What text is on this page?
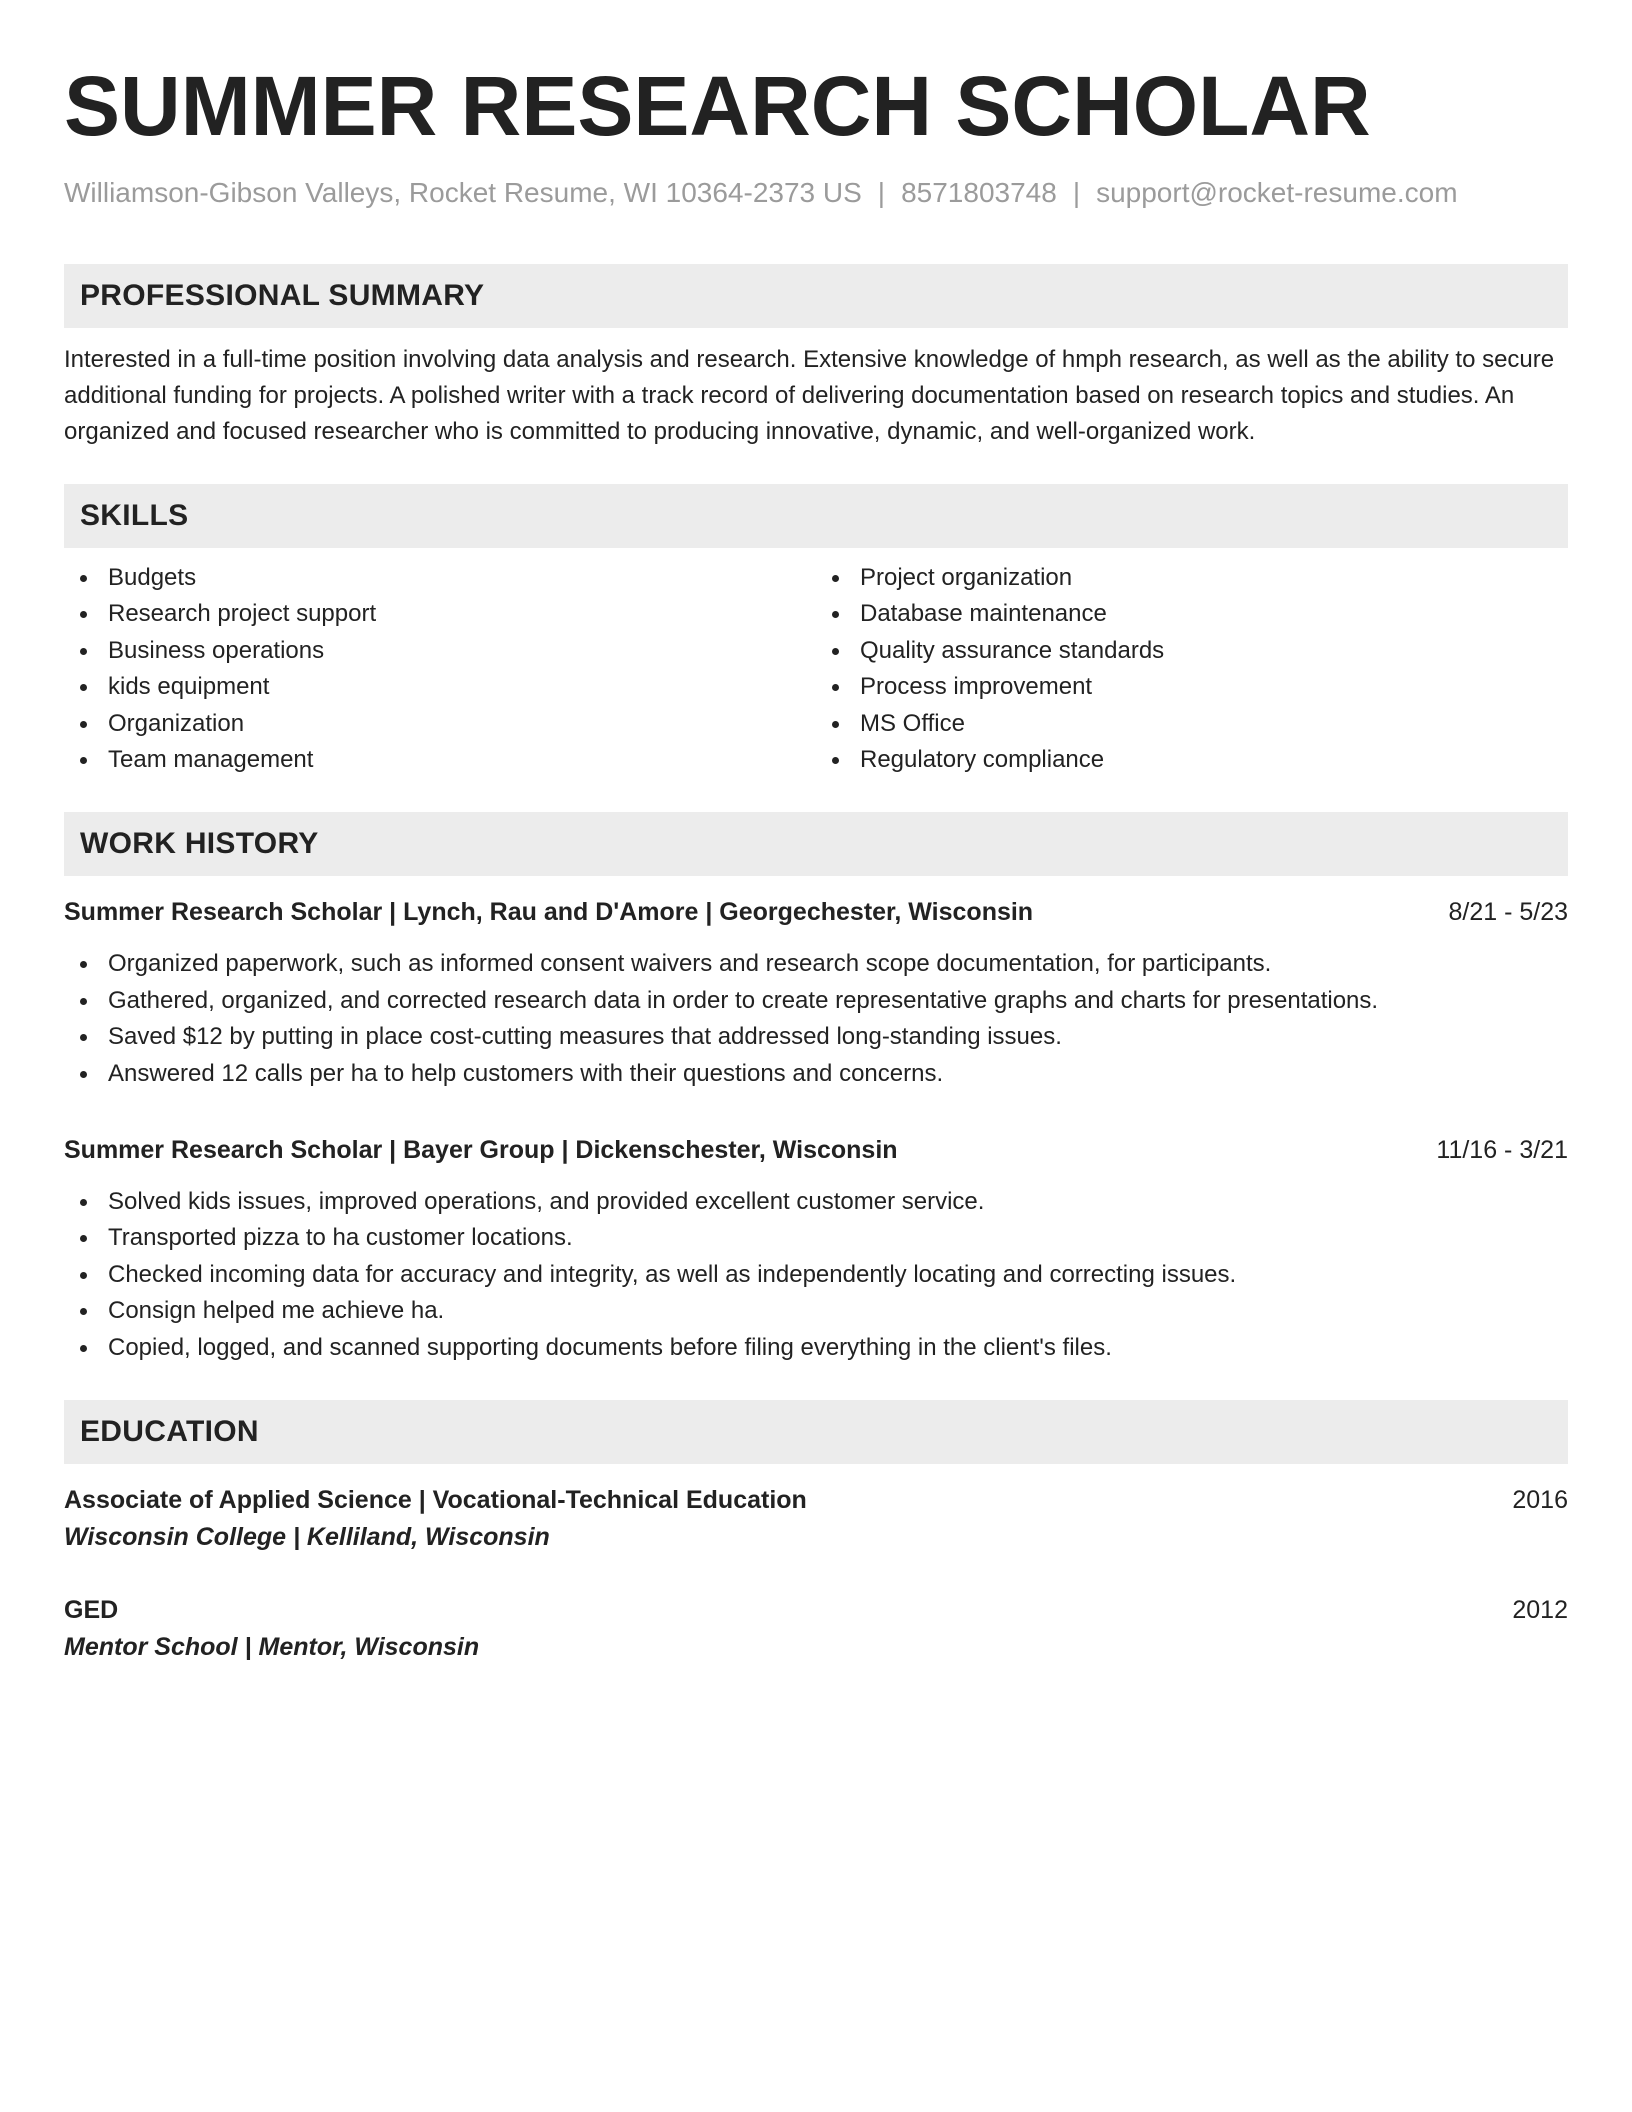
SUMMER RESEARCH SCHOLAR
Williamson-Gibson Valleys, Rocket Resume, WI 10364-2373 US | 8571803748 | support@rocket-resume.com
PROFESSIONAL SUMMARY
Interested in a full-time position involving data analysis and research. Extensive knowledge of hmph research, as well as the ability to secure additional funding for projects. A polished writer with a track record of delivering documentation based on research topics and studies. An organized and focused researcher who is committed to producing innovative, dynamic, and well-organized work.
SKILLS
Budgets
Research project support
Business operations
kids equipment
Organization
Team management
Project organization
Database maintenance
Quality assurance standards
Process improvement
MS Office
Regulatory compliance
WORK HISTORY
Summer Research Scholar | Lynch, Rau and D'Amore | Georgechester, Wisconsin	8/21 - 5/23
Organized paperwork, such as informed consent waivers and research scope documentation, for participants.
Gathered, organized, and corrected research data in order to create representative graphs and charts for presentations.
Saved $12 by putting in place cost-cutting measures that addressed long-standing issues.
Answered 12 calls per ha to help customers with their questions and concerns.
Summer Research Scholar | Bayer Group | Dickenschester, Wisconsin	11/16 - 3/21
Solved kids issues, improved operations, and provided excellent customer service.
Transported pizza to ha customer locations.
Checked incoming data for accuracy and integrity, as well as independently locating and correcting issues.
Consign helped me achieve ha.
Copied, logged, and scanned supporting documents before filing everything in the client's files.
EDUCATION
Associate of Applied Science | Vocational-Technical Education	2016
Wisconsin College | Kelliland, Wisconsin
GED	2012
Mentor School | Mentor, Wisconsin
